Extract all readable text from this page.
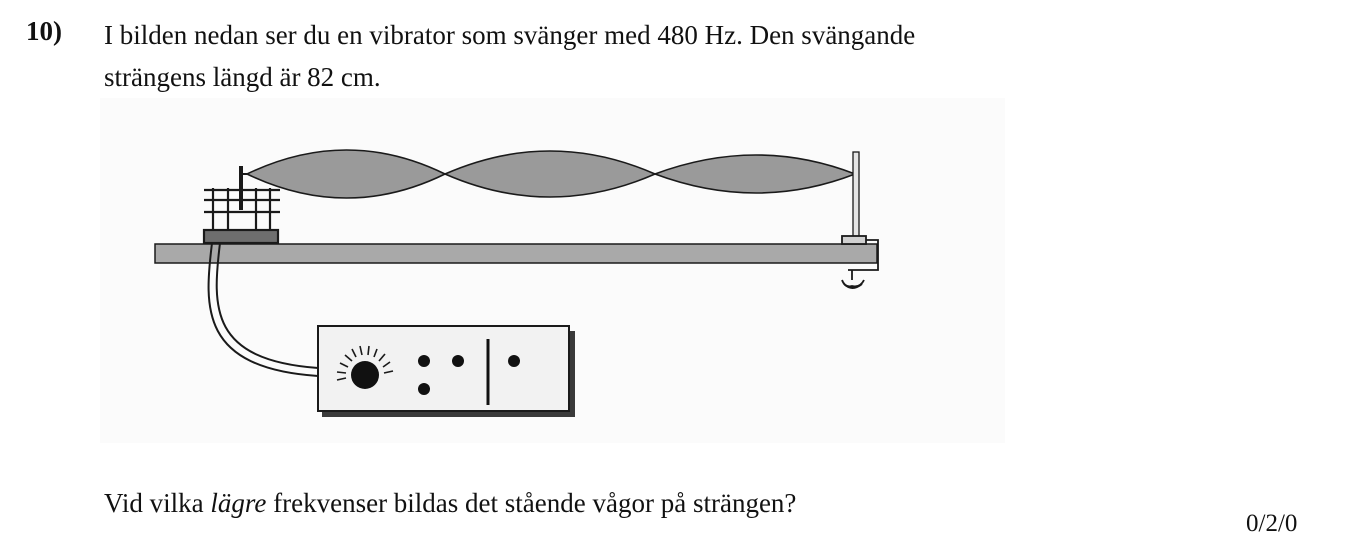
10) I bilden nedan ser du en vibrator som svänger med 480 Hz. Den svängande

strängens längd är 82 cm.

Vid vilka lägre frekvenser bildas det stående vågor på strängen?
0/2/0
